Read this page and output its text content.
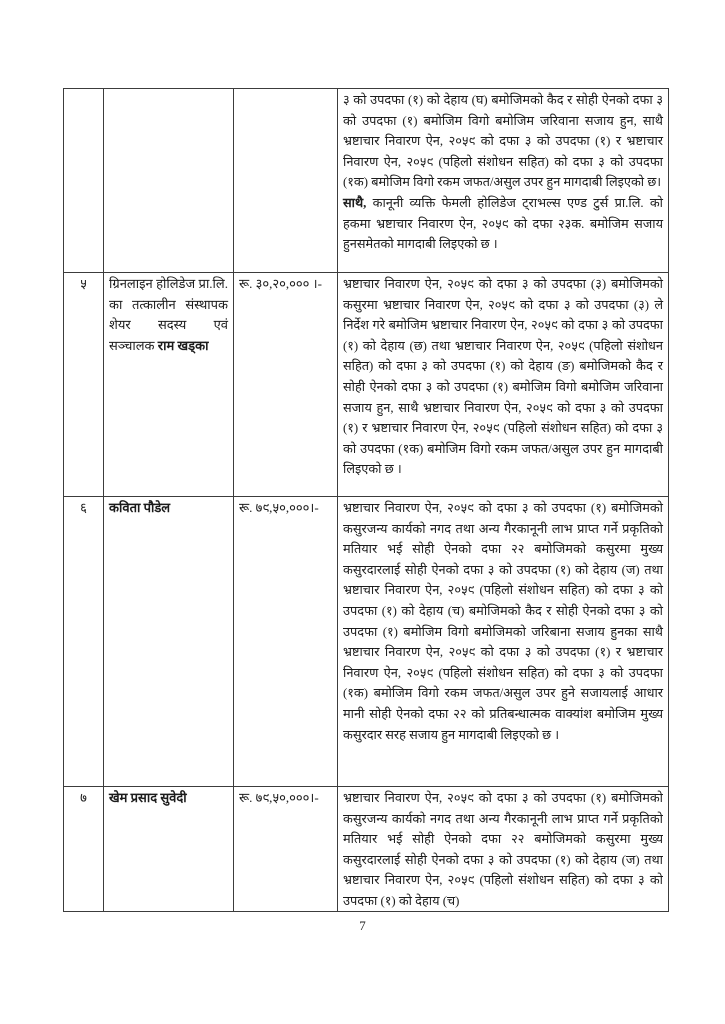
			३ को उपदफा (१) को देहाय (घ) बमोजिमको कैद र सोही ऐनको दफा ३ को उपदफा (१) बमोजिम विगो बमोजिम जरिवाना सजाय हुन, साथै भ्रष्टाचार निवारण ऐन, २०५९ को दफा ३ को उपदफा (१) र भ्रष्टाचार निवारण ऐन, २०५९ (पहिलो संशोधन सहित) को दफा ३ को उपदफा (१क) बमोजिम विगो रकम जफत/असुल उपर हुन मागदाबी लिइएको छ।

साथै, कानूनी व्यक्ति फेमली होलिडेज ट्राभल्स एण्ड टुर्स प्रा.लि. को हकमा भ्रष्टाचार निवारण ऐन, २०५९ को दफा २३क. बमोजिम सजाय हुनसमेतको मागदाबी लिइएको छ ।

५	ग्रिनलाइन होलिडेज प्रा.लि. का तत्कालीन संस्थापक शेयर सदस्य एवं सञ्चालक राम खड्का	रू. ३०,२०,००० ।-	भ्रष्टाचार निवारण ऐन, २०५९ को दफा ३ को उपदफा (३) बमोजिमको कसुरमा भ्रष्टाचार निवारण ऐन, २०५९ को दफा ३ को उपदफा (३) ले निर्देश गरे बमोजिम भ्रष्टाचार निवारण ऐन, २०५९ को दफा ३ को उपदफा (१) को देहाय (छ) तथा भ्रष्टाचार निवारण ऐन, २०५९ (पहिलो संशोधन सहित) को दफा ३ को उपदफा (१) को देहाय (ङ) बमोजिमको कैद र सोही ऐनको दफा ३ को उपदफा (१) बमोजिम विगो बमोजिम जरिवाना सजाय हुन, साथै भ्रष्टाचार निवारण ऐन, २०५९ को दफा ३ को उपदफा (१) र भ्रष्टाचार निवारण ऐन, २०५९ (पहिलो संशोधन सहित) को दफा ३ को उपदफा (१क) बमोजिम विगो रकम जफत/असुल उपर हुन मागदाबी लिइएको छ ।

६	कविता पौडेल	रू. ७९,५०,०००।-	भ्रष्टाचार निवारण ऐन, २०५९ को दफा ३ को उपदफा (१) बमोजिमको कसुरजन्य कार्यको नगद तथा अन्य गैरकानूनी लाभ प्राप्त गर्ने प्रकृतिको मतियार भई सोही ऐनको दफा २२ बमोजिमको कसुरमा मुख्य कसुरदारलाई सोही ऐनको दफा ३ को उपदफा (१) को देहाय (ज) तथा भ्रष्टाचार निवारण ऐन, २०५९ (पहिलो संशोधन सहित) को दफा ३ को उपदफा (१) को देहाय (च) बमोजिमको कैद र सोही ऐनको दफा ३ को उपदफा (१) बमोजिम विगो बमोजिमको जरिबाना सजाय हुनका साथै भ्रष्टाचार निवारण ऐन, २०५९ को दफा ३ को उपदफा (१) र भ्रष्टाचार निवारण ऐन, २०५९ (पहिलो संशोधन सहित) को दफा ३ को उपदफा (१क) बमोजिम विगो रकम जफत/असुल उपर हुने सजायलाई आधार मानी सोही ऐनको दफा २२ को प्रतिबन्धात्मक वाक्यांश बमोजिम मुख्य कसुरदार सरह सजाय हुन मागदाबी लिइएको छ ।

७	खेम प्रसाद सुवेदी	रू. ७९,५०,०००।-	भ्रष्टाचार निवारण ऐन, २०५९ को दफा ३ को उपदफा (१) बमोजिमको कसुरजन्य कार्यको नगद तथा अन्य गैरकानूनी लाभ प्राप्त गर्ने प्रकृतिको मतियार भई सोही ऐनको दफा २२ बमोजिमको कसुरमा मुख्य कसुरदारलाई सोही ऐनको दफा ३ को उपदफा (१) को देहाय (ज) तथा भ्रष्टाचार निवारण ऐन, २०५९ (पहिलो संशोधन सहित) को दफा ३ को उपदफा (१) को देहाय (च)

7
